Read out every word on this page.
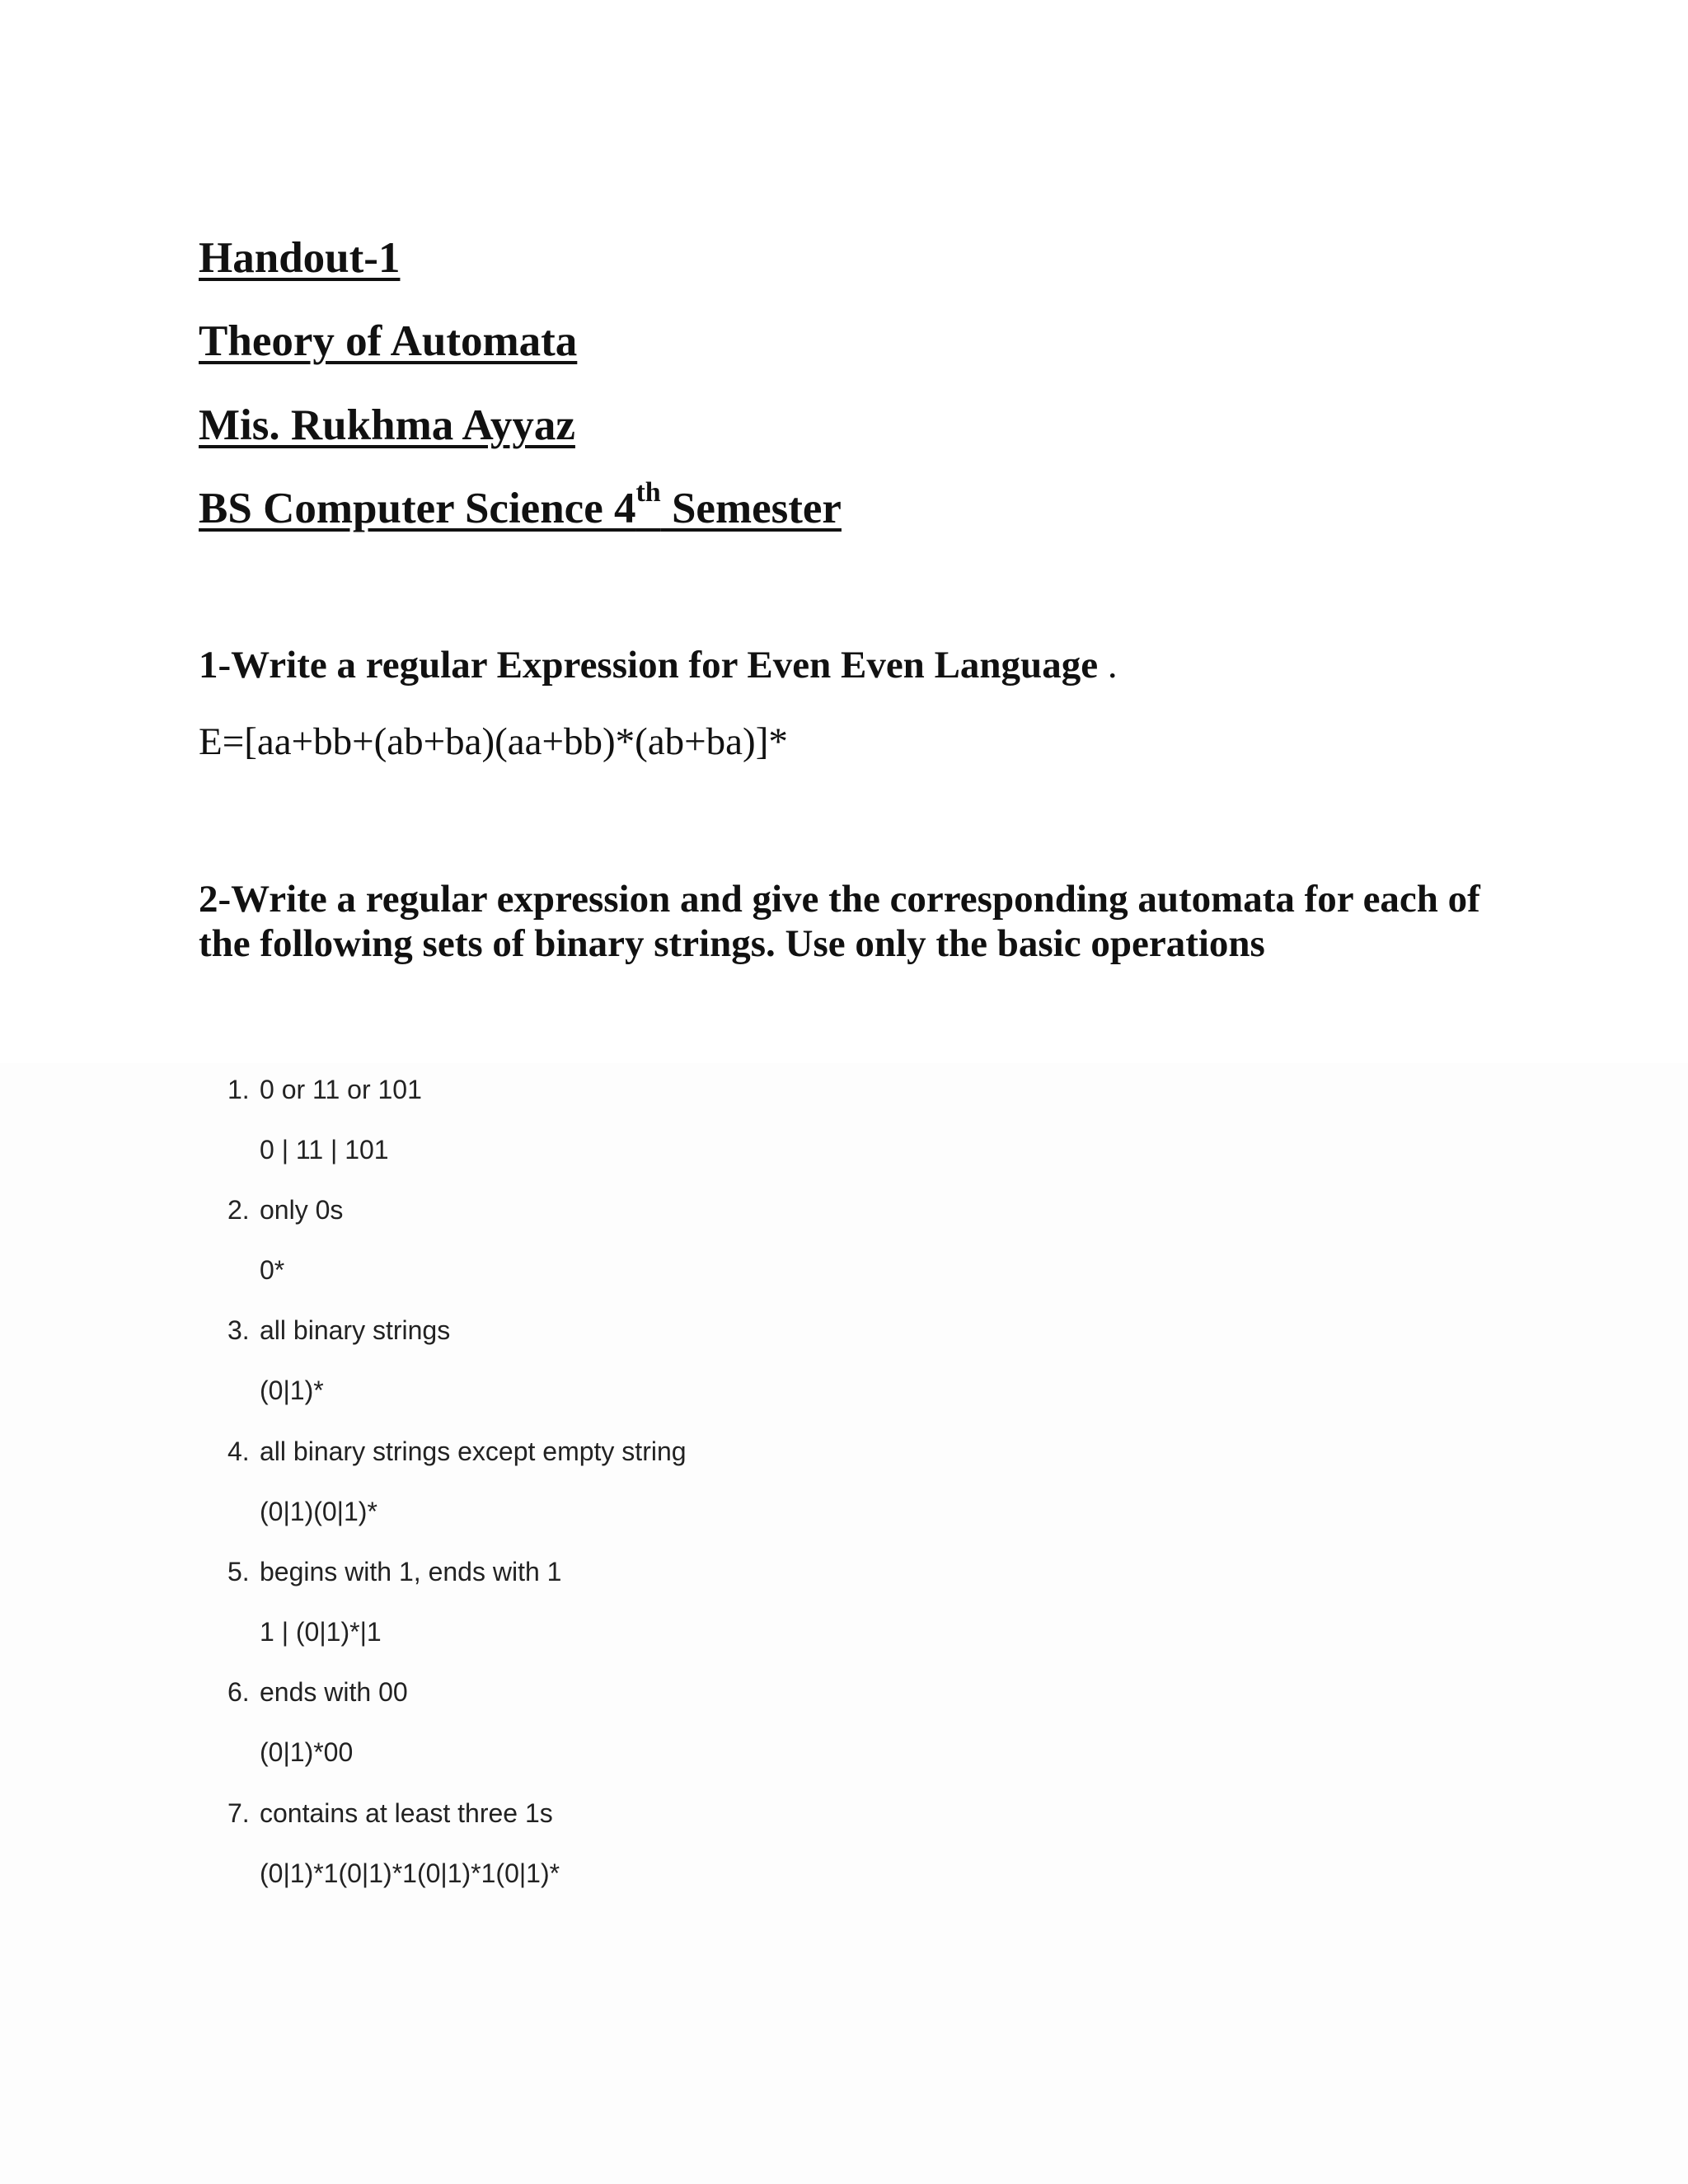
Handout-1
Theory of Automata
Mis. Rukhma Ayyaz
BS Computer Science 4th Semester
1-Write a regular Expression for Even Even Language .
E=[aa+bb+(ab+ba)(aa+bb)*(ab+ba)]*
2-Write a regular expression and give the corresponding automata for each of the following sets of binary strings. Use only the basic operations
1. 0 or 11 or 101
0 | 11 | 101
2. only 0s
0*
3. all binary strings
(0|1)*
4. all binary strings except empty string
(0|1)(0|1)*
5. begins with 1, ends with 1
1 | (0|1)*|1
6. ends with 00
(0|1)*00
7. contains at least three 1s
(0|1)*1(0|1)*1(0|1)*1(0|1)*
